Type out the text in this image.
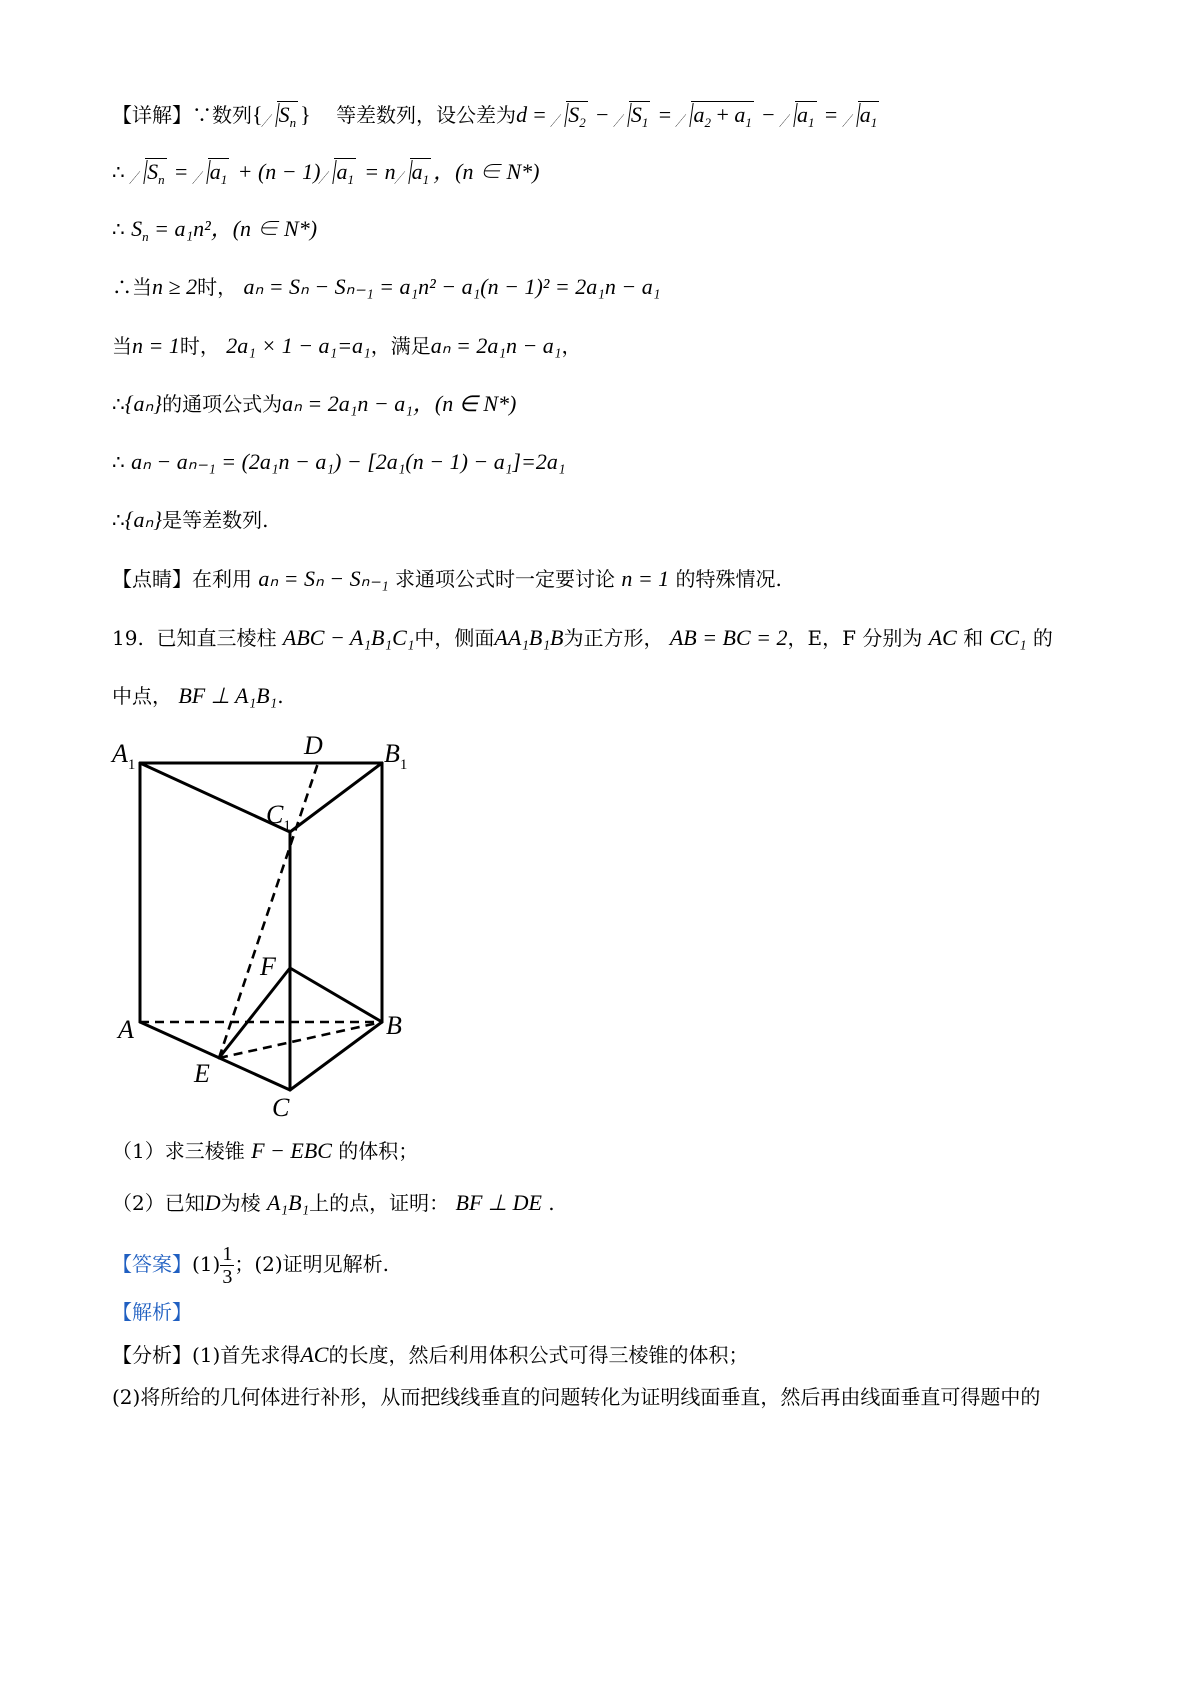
【详解】∵数列{ $S_n$ } 等差数列，设公差为$d = S_2 - S_1 = a_2 + a_1 - a_1 = a_1$
∴ $S_n = a_1 + (n - 1) a_1 = n$ $a_1$ ，(n ∈ N*)
∴ $S_n = a_1n^2$，(n ∈ N*)
∴当n ≥ 2时， aₙ = Sₙ − Sₙ₋₁ = a₁n² − a₁(n − 1)² = 2a₁n − a₁
当n = 1时， 2a₁ × 1 − a₁=a₁，满足aₙ = 2a₁n − a₁，
∴{aₙ}的通项公式为aₙ = 2a₁n − a₁，(n ∈ N*)
∴ aₙ − aₙ₋₁ = (2a₁n − a₁) − [2a₁(n − 1) − a₁]=2a₁
∴{aₙ}是等差数列.
【点睛】在利用 aₙ = Sₙ − Sₙ₋₁ 求通项公式时一定要讨论 n = 1 的特殊情况.
19. 已知直三棱柱 ABC − A₁B₁C₁中，侧面AA₁B₁B为正方形， AB = BC = 2，E，F 分别为 AC 和 CC₁ 的
中点， BF ⊥ A₁B₁.
$A_1$
D $B_1$
$C_1$
F
A	B
E
C
（1）求三棱锥 F − EBC 的体积；
（2）已知D为棱 A₁B₁上的点，证明： BF ⊥ DE .
【答案】$(1) \frac{1}{3}$ ；(2)证明见解析.
【解析】
【分析】(1)首先求得AC的长度，然后利用体积公式可得三棱锥的体积；
(2)将所给的几何体进行补形，从而把线线垂直的问题转化为证明线面垂直，然后再由线面垂直可得题中的
